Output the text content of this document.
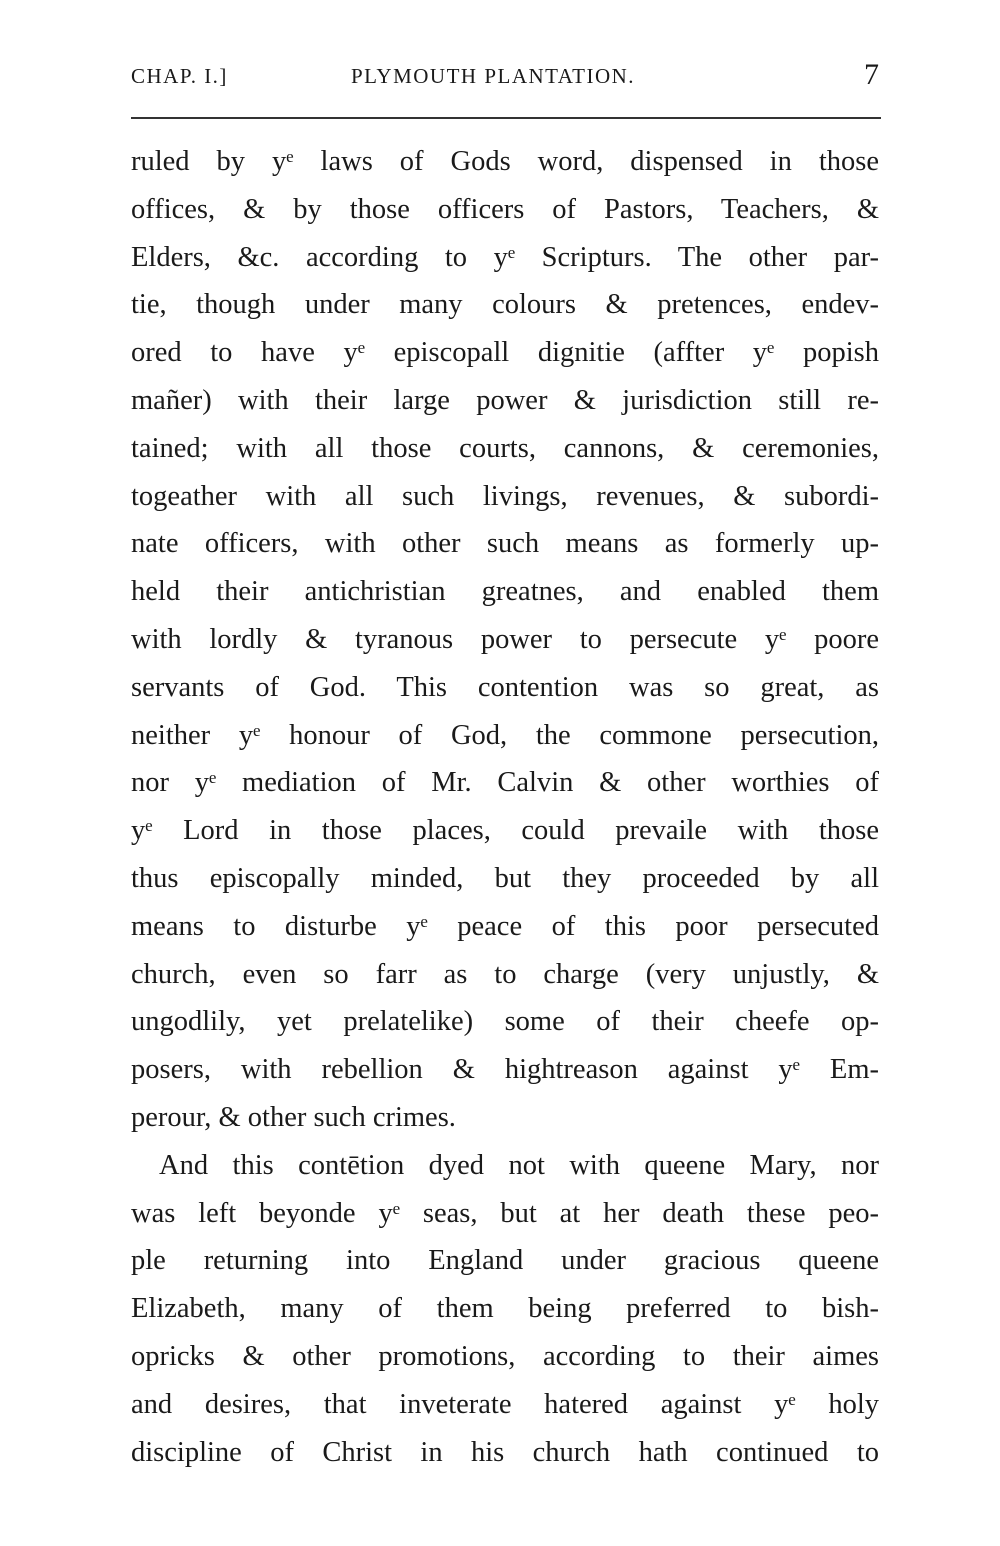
CHAP. I.]	PLYMOUTH PLANTATION.	7
ruled by yᵉ laws of Gods word, dispensed in those
offices, & by those officers of Pastors, Teachers, &
Elders, &c. according to yᵉ Scripturs. The other par-
tie, though under many colours & pretences, endev-
ored to have yᵉ episcopall dignitie (affter yᵉ popish
mañer) with their large power & jurisdiction still re-
tained; with all those courts, cannons, & ceremonies,
togeather with all such livings, revenues, & subordi-
nate officers, with other such means as formerly up-
held their antichristian greatnes, and enabled them
with lordly & tyranous power to persecute yᵉ poore
servants of God. This contention was so great, as
neither yᵉ honour of God, the commone persecution,
nor yᵉ mediation of Mr. Calvin & other worthies of
yᵉ Lord in those places, could prevaile with those
thus episcopally minded, but they proceeded by all
means to disturbe yᵉ peace of this poor persecuted
church, even so farr as to charge (very unjustly, &
ungodlily, yet prelatelike) some of their cheefe op-
posers, with rebellion & hightreason against yᵉ Em-
perour, & other such crimes.
And this contētion dyed not with queene Mary, nor
was left beyonde yᵉ seas, but at her death these peo-
ple returning into England under gracious queene
Elizabeth, many of them being preferred to bish-
opricks & other promotions, according to their aimes
and desires, that inveterate hatered against yᵉ holy
discipline of Christ in his church hath continued to
